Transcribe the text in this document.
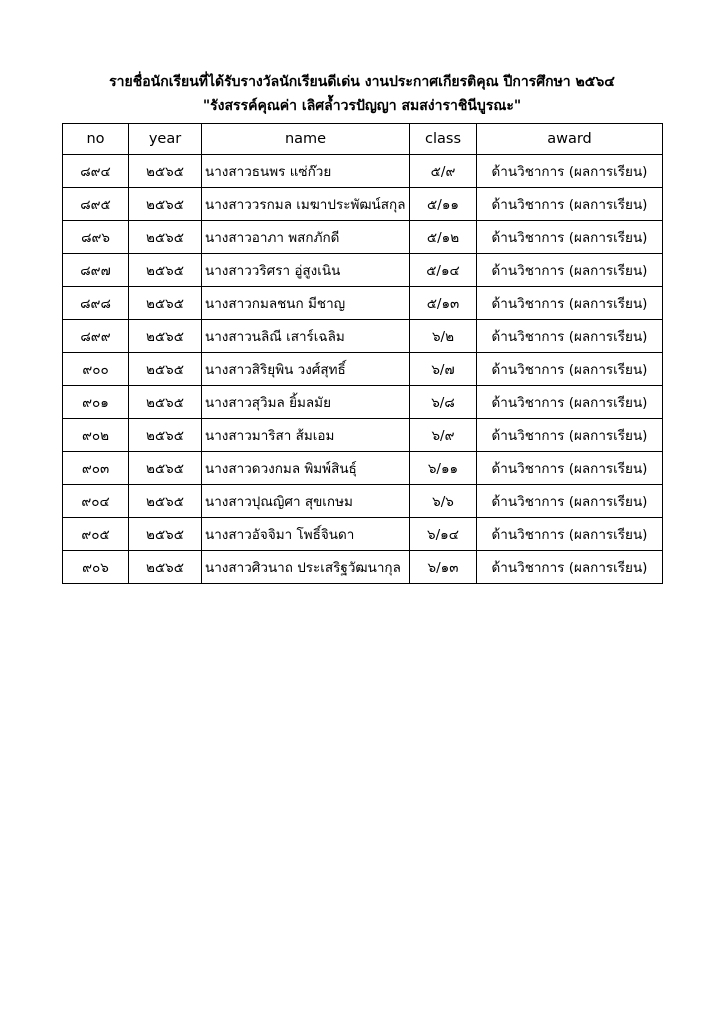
รายชื่อนักเรียนที่ได้รับรางวัลนักเรียนดีเด่น งานประกาศเกียรติคุณ ปีการศึกษา ๒๕๖๔
"รังสรรค์คุณค่า เลิศล้ำวรปัญญา สมสง่าราชินีบูรณะ"
no	year	name	class	award
๘๙๔	๒๕๖๕	นางสาวธนพร แซ่ก๊วย	๕/๙	ด้านวิชาการ (ผลการเรียน)
๘๙๕	๒๕๖๕	นางสาววรกมล เมฆาประพัฒน์สกุล	๕/๑๑	ด้านวิชาการ (ผลการเรียน)
๘๙๖	๒๕๖๕	นางสาวอาภา พสกภักดี	๕/๑๒	ด้านวิชาการ (ผลการเรียน)
๘๙๗	๒๕๖๕	นางสาววริศรา อู่สูงเนิน	๕/๑๔	ด้านวิชาการ (ผลการเรียน)
๘๙๘	๒๕๖๕	นางสาวกมลชนก มีชาญ	๕/๑๓	ด้านวิชาการ (ผลการเรียน)
๘๙๙	๒๕๖๕	นางสาวนลิณี เสาร์เฉลิม	๖/๒	ด้านวิชาการ (ผลการเรียน)
๙๐๐	๒๕๖๕	นางสาวสิริยุพิน วงศ์สุทธิ์	๖/๗	ด้านวิชาการ (ผลการเรียน)
๙๐๑	๒๕๖๕	นางสาวสุวิมล ยิ้มลมัย	๖/๘	ด้านวิชาการ (ผลการเรียน)
๙๐๒	๒๕๖๕	นางสาวมาริสา ส้มเอม	๖/๙	ด้านวิชาการ (ผลการเรียน)
๙๐๓	๒๕๖๕	นางสาวดวงกมล พิมพ์สินธุ์	๖/๑๑	ด้านวิชาการ (ผลการเรียน)
๙๐๔	๒๕๖๕	นางสาวปุณญิศา สุขเกษม	๖/๖	ด้านวิชาการ (ผลการเรียน)
๙๐๕	๒๕๖๕	นางสาวอัจจิมา โพธิ์จินดา	๖/๑๔	ด้านวิชาการ (ผลการเรียน)
๙๐๖	๒๕๖๕	นางสาวศิวนาถ ประเสริฐวัฒนากุล	๖/๑๓	ด้านวิชาการ (ผลการเรียน)
